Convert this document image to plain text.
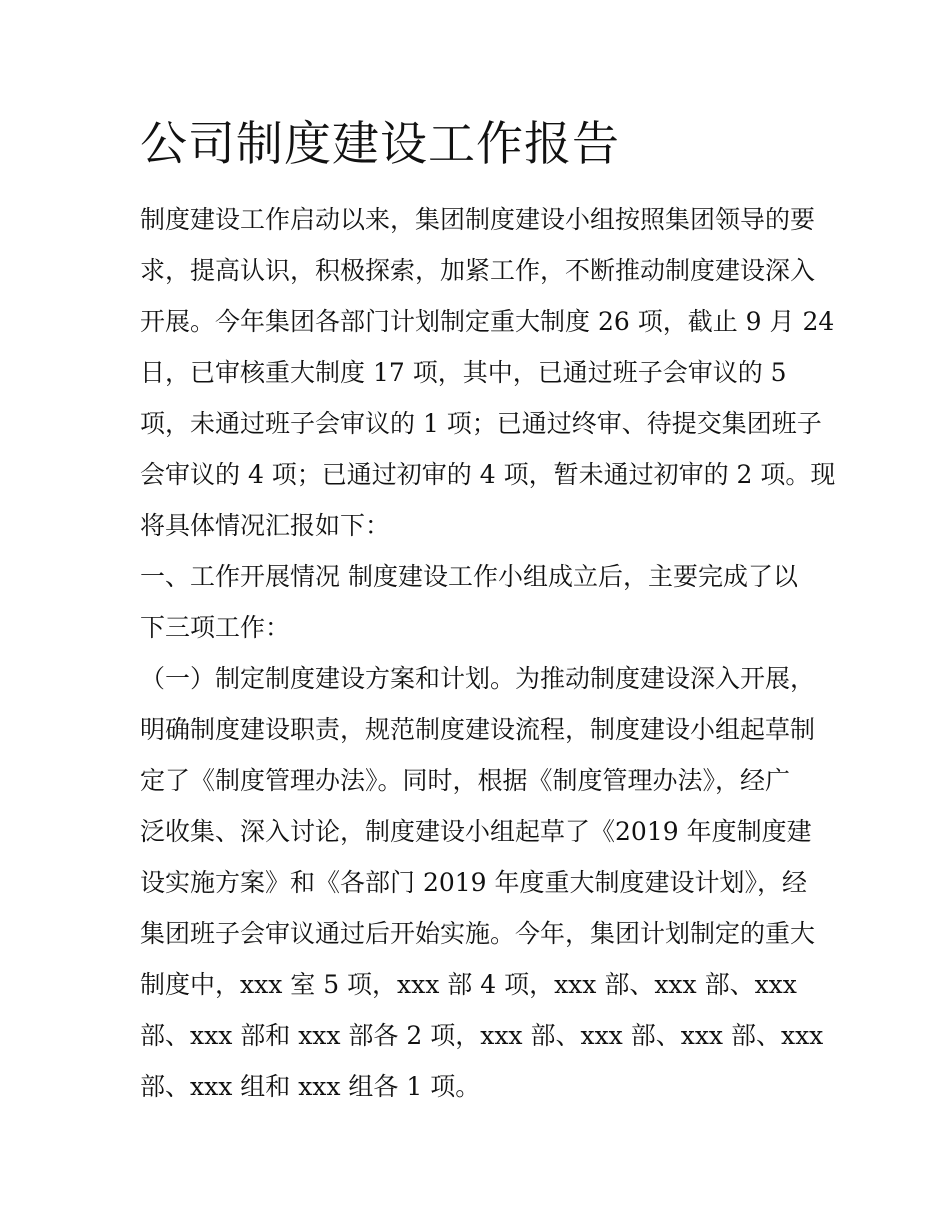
公司制度建设工作报告

制度建设工作启动以来，集团制度建设小组按照集团领导的要

求，提高认识，积极探索，加紧工作，不断推动制度建设深入

开展。今年集团各部门计划制定重大制度 26 项，截止 9 月 24

日，已审核重大制度 17 项，其中，已通过班子会审议的 5

项，未通过班子会审议的 1 项；已通过终审、待提交集团班子

会审议的 4 项；已通过初审的 4 项，暂未通过初审的 2 项。现

将具体情况汇报如下：

一、工作开展情况 制度建设工作小组成立后，主要完成了以

下三项工作：

（一）制定制度建设方案和计划。为推动制度建设深入开展，

明确制度建设职责，规范制度建设流程，制度建设小组起草制

定了《制度管理办法》。同时，根据《制度管理办法》，经广

泛收集、深入讨论，制度建设小组起草了《2019 年度制度建

设实施方案》和《各部门 2019 年度重大制度建设计划》，经

集团班子会审议通过后开始实施。今年，集团计划制定的重大

制度中，xxx 室 5 项，xxx 部 4 项，xxx 部、xxx 部、xxx

部、xxx 部和 xxx 部各 2 项，xxx 部、xxx 部、xxx 部、xxx

部、xxx 组和 xxx 组各 1 项。
